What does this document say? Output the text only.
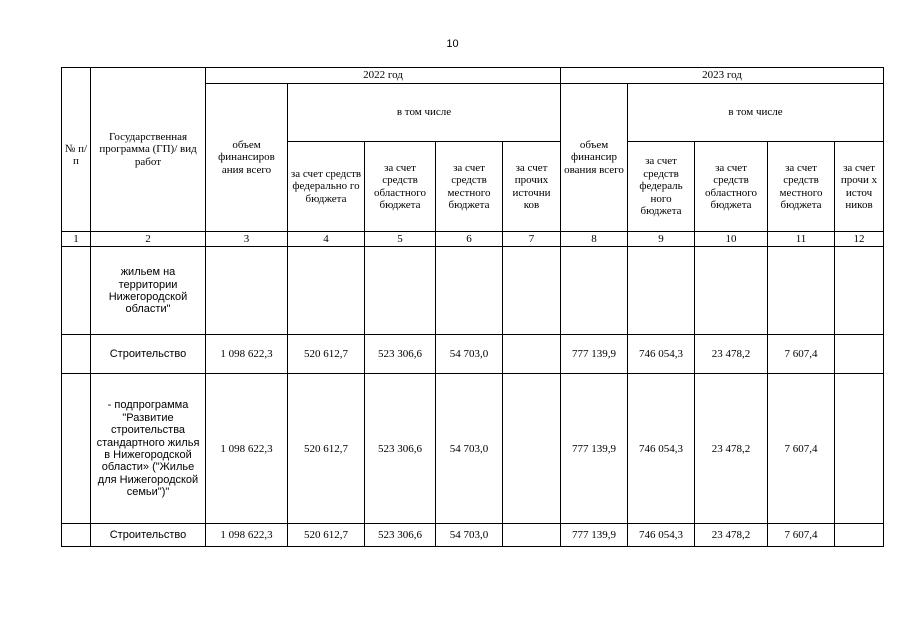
10
№ п/п	Государственная программа (ГП)/ вид работ	2022 год					2023 год				
		объем финансиров ания всего	в том числе				объем финансир ования всего	в том числе			
			за счет средств федерально го бюджета	за счет средств областного бюджета	за счет средств местного бюджета	за счет прочих источни ков		за счет средств федераль ного бюджета	за счет средств областного бюджета	за счет средств местного бюджета	за счет прочи х источ ников
1	2	3	4	5	6	7	8	9	10	11	12
	жильем на территории Нижегородской области"										
	Строительство	1 098 622,3	520 612,7	523 306,6	54 703,0		777 139,9	746 054,3	23 478,2	7 607,4	
	- подпрограмма "Развитие строительства стандартного жилья в Нижегородской области» ("Жилье для Нижегородской семьи")"	1 098 622,3	520 612,7	523 306,6	54 703,0		777 139,9	746 054,3	23 478,2	7 607,4	
	Строительство	1 098 622,3	520 612,7	523 306,6	54 703,0		777 139,9	746 054,3	23 478,2	7 607,4	
